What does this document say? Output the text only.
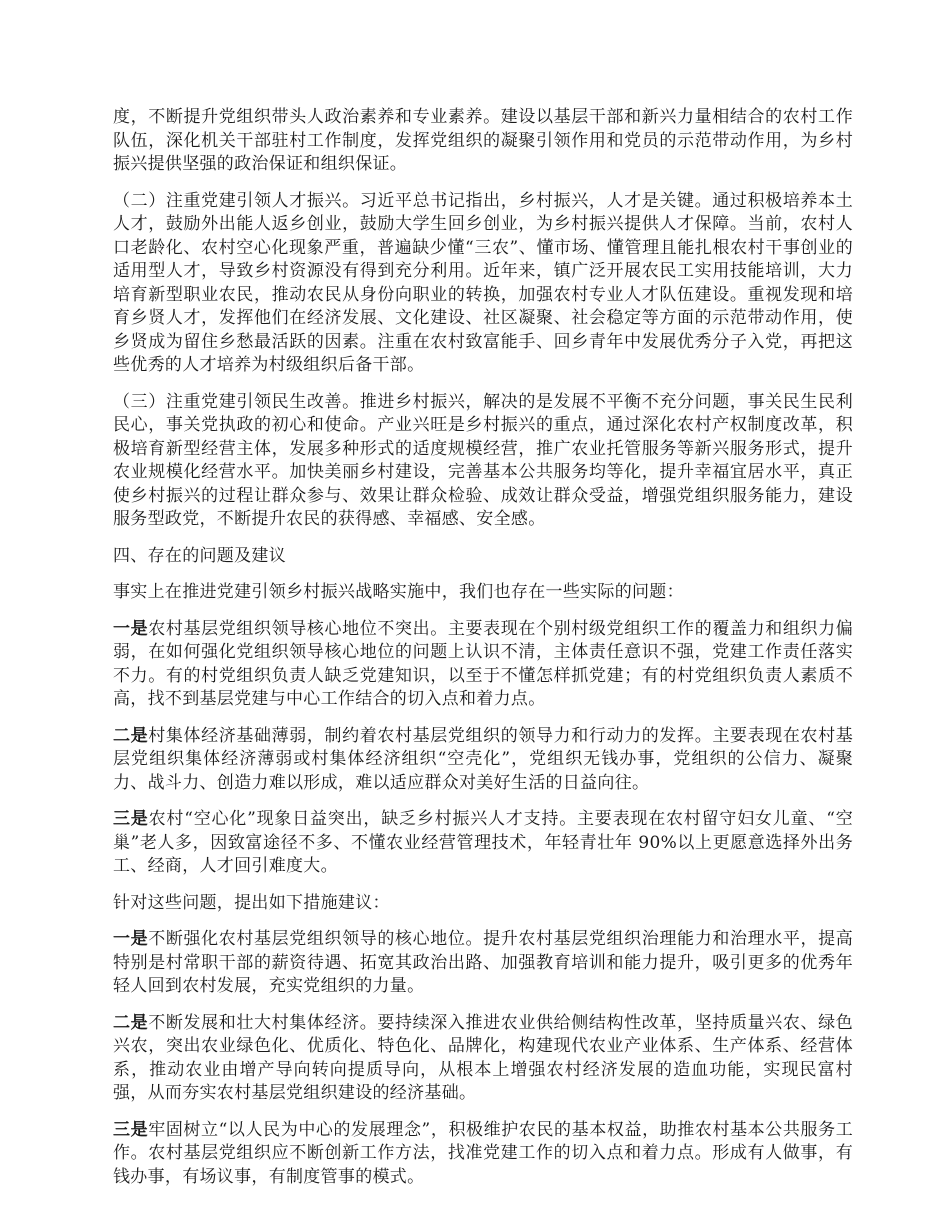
度，不断提升党组织带头人政治素养和专业素养。建设以基层干部和新兴力量相结合的农村工作队伍，深化机关干部驻村工作制度，发挥党组织的凝聚引领作用和党员的示范带动作用，为乡村振兴提供坚强的政治保证和组织保证。

（二）注重党建引领人才振兴。习近平总书记指出，乡村振兴，人才是关键。通过积极培养本土人才，鼓励外出能人返乡创业，鼓励大学生回乡创业，为乡村振兴提供人才保障。当前，农村人口老龄化、农村空心化现象严重，普遍缺少懂“三农”、懂市场、懂管理且能扎根农村干事创业的适用型人才，导致乡村资源没有得到充分利用。近年来，镇广泛开展农民工实用技能培训，大力培育新型职业农民，推动农民从身份向职业的转换，加强农村专业人才队伍建设。重视发现和培育乡贤人才，发挥他们在经济发展、文化建设、社区凝聚、社会稳定等方面的示范带动作用，使乡贤成为留住乡愁最活跃的因素。注重在农村致富能手、回乡青年中发展优秀分子入党，再把这些优秀的人才培养为村级组织后备干部。

（三）注重党建引领民生改善。推进乡村振兴，解决的是发展不平衡不充分问题，事关民生民利民心，事关党执政的初心和使命。产业兴旺是乡村振兴的重点，通过深化农村产权制度改革，积极培育新型经营主体，发展多种形式的适度规模经营，推广农业托管服务等新兴服务形式，提升农业规模化经营水平。加快美丽乡村建设，完善基本公共服务均等化，提升幸福宜居水平，真正使乡村振兴的过程让群众参与、效果让群众检验、成效让群众受益，增强党组织服务能力，建设服务型政党，不断提升农民的获得感、幸福感、安全感。

四、存在的问题及建议

事实上在推进党建引领乡村振兴战略实施中，我们也存在一些实际的问题：

一是农村基层党组织领导核心地位不突出。主要表现在个别村级党组织工作的覆盖力和组织力偏弱，在如何强化党组织领导核心地位的问题上认识不清，主体责任意识不强，党建工作责任落实不力。有的村党组织负责人缺乏党建知识，以至于不懂怎样抓党建；有的村党组织负责人素质不高，找不到基层党建与中心工作结合的切入点和着力点。

二是村集体经济基础薄弱，制约着农村基层党组织的领导力和行动力的发挥。主要表现在农村基层党组织集体经济薄弱或村集体经济组织“空壳化”，党组织无钱办事，党组织的公信力、凝聚力、战斗力、创造力难以形成，难以适应群众对美好生活的日益向往。

三是农村“空心化”现象日益突出，缺乏乡村振兴人才支持。主要表现在农村留守妇女儿童、“空巢”老人多，因致富途径不多、不懂农业经营管理技术，年轻青壮年 90%以上更愿意选择外出务工、经商，人才回引难度大。

针对这些问题，提出如下措施建议：

一是不断强化农村基层党组织领导的核心地位。提升农村基层党组织治理能力和治理水平，提高特别是村常职干部的薪资待遇、拓宽其政治出路、加强教育培训和能力提升，吸引更多的优秀年轻人回到农村发展，充实党组织的力量。

二是不断发展和壮大村集体经济。要持续深入推进农业供给侧结构性改革，坚持质量兴农、绿色兴农，突出农业绿色化、优质化、特色化、品牌化，构建现代农业产业体系、生产体系、经营体系，推动农业由增产导向转向提质导向，从根本上增强农村经济发展的造血功能，实现民富村强，从而夯实农村基层党组织建设的经济基础。

三是牢固树立“以人民为中心的发展理念”，积极维护农民的基本权益，助推农村基本公共服务工作。农村基层党组织应不断创新工作方法，找准党建工作的切入点和着力点。形成有人做事，有钱办事，有场议事，有制度管事的模式。
